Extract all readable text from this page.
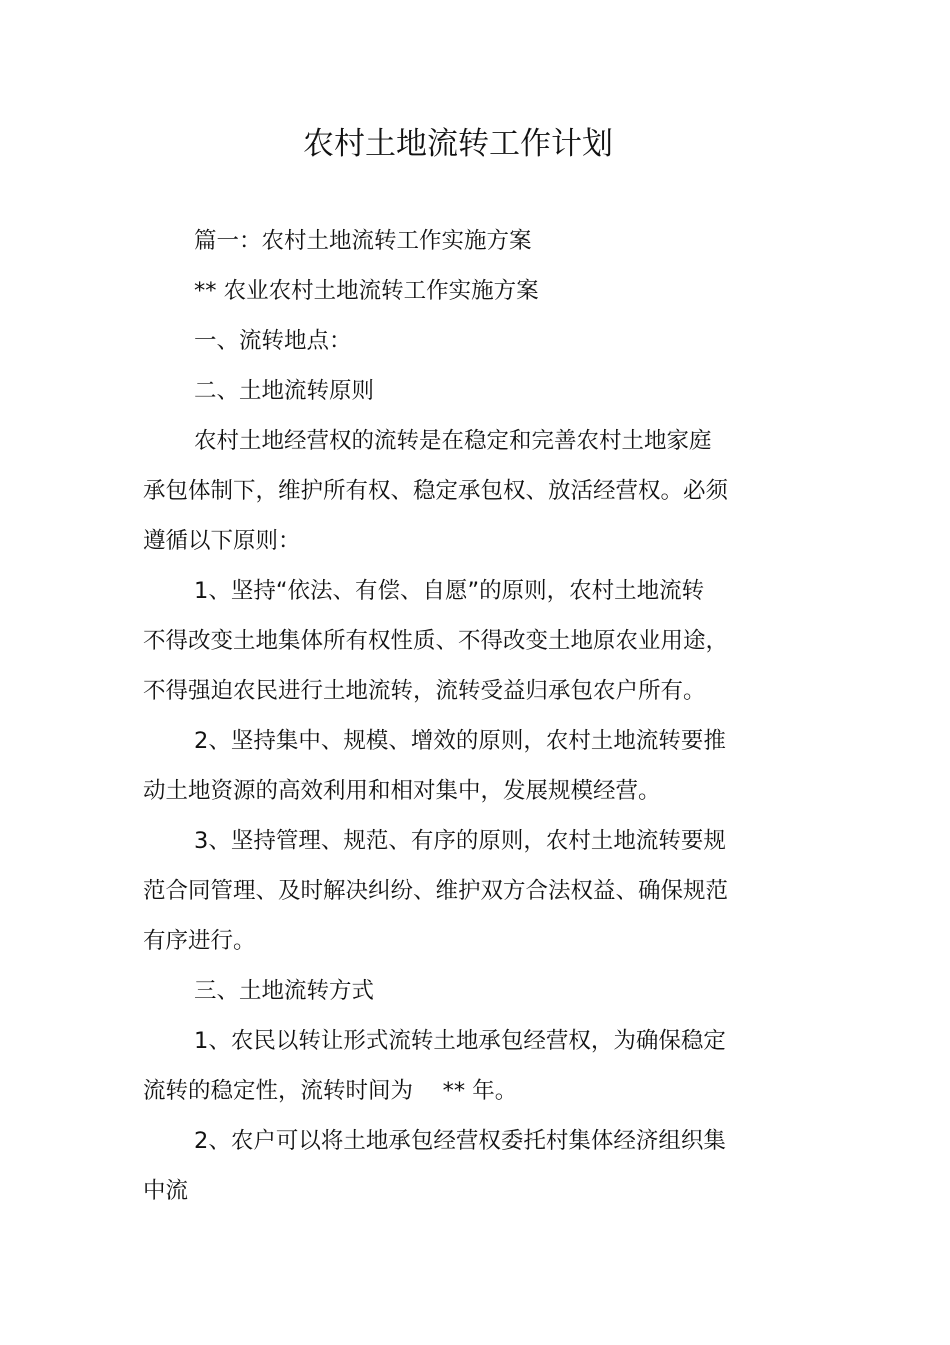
农村土地流转工作计划
篇一：农村土地流转工作实施方案
** 农业农村土地流转工作实施方案
一、流转地点：
二、土地流转原则
农村土地经营权的流转是在稳定和完善农村土地家庭
承包体制下，维护所有权、稳定承包权、放活经营权。必须
遵循以下原则：
1、坚持“依法、有偿、自愿”的原则，农村土地流转
不得改变土地集体所有权性质、不得改变土地原农业用途，
不得强迫农民进行土地流转，流转受益归承包农户所有。
2、坚持集中、规模、增效的原则，农村土地流转要推
动土地资源的高效利用和相对集中，发展规模经营。
3、坚持管理、规范、有序的原则，农村土地流转要规
范合同管理、及时解决纠纷、维护双方合法权益、确保规范
有序进行。
三、土地流转方式
1、农民以转让形式流转土地承包经营权，为确保稳定
流转的稳定性，流转时间为　 ** 年。
2、农户可以将土地承包经营权委托村集体经济组织集
中流
